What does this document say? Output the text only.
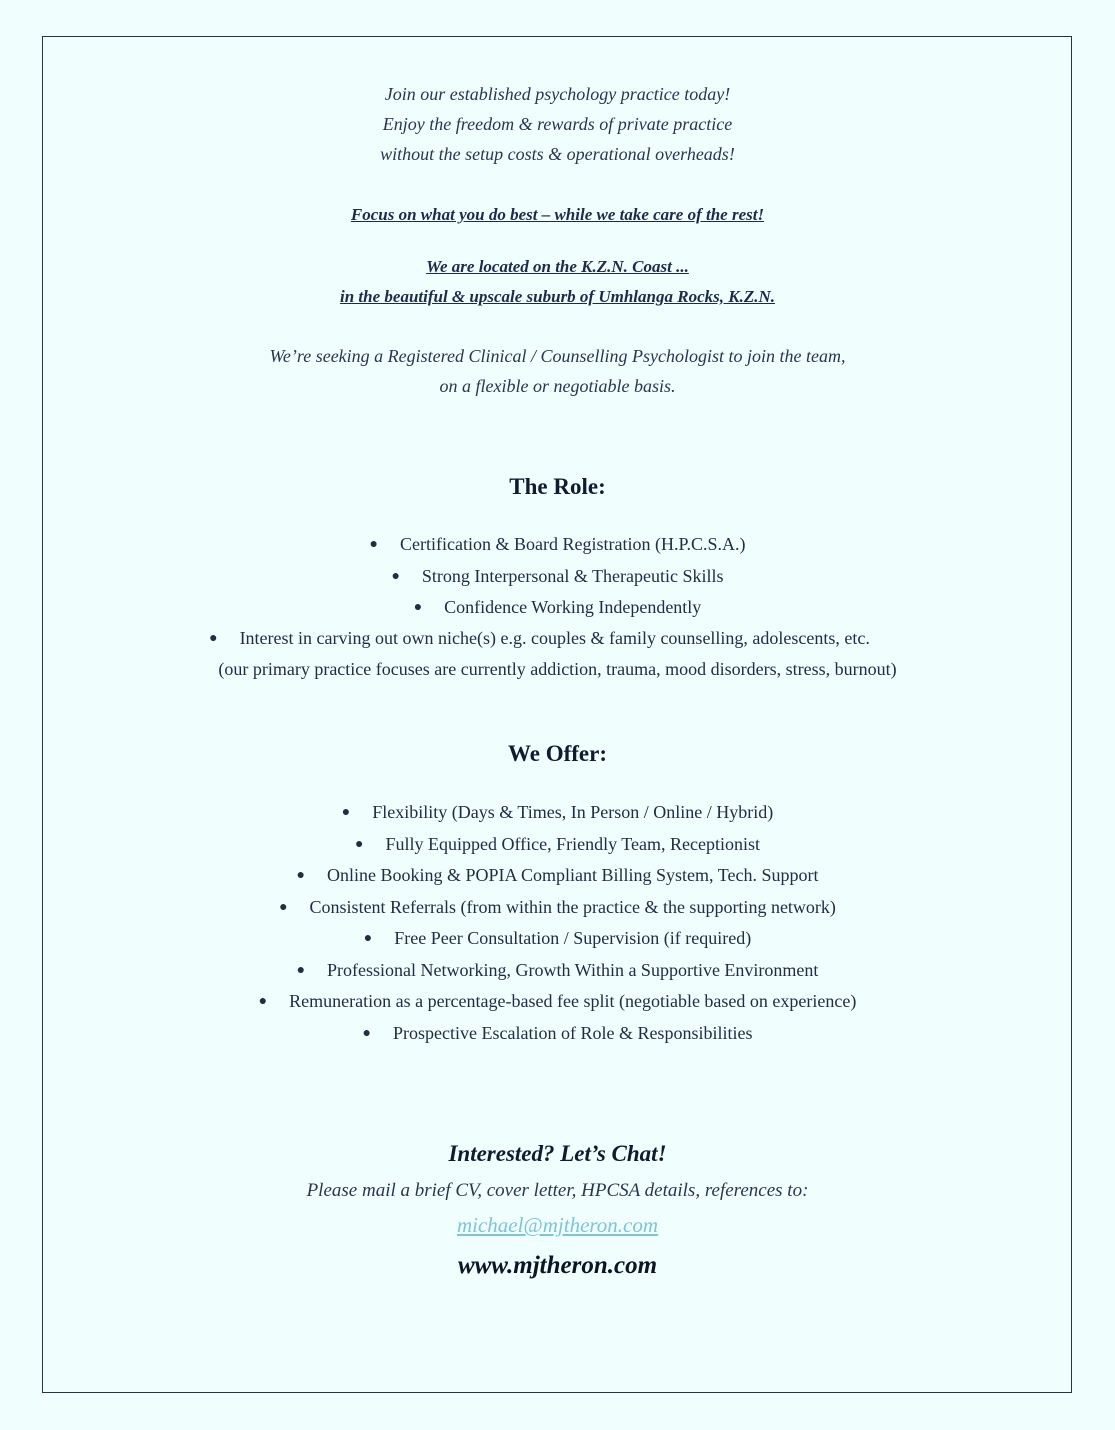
Join our established psychology practice today!
Enjoy the freedom & rewards of private practice
without the setup costs & operational overheads!
Focus on what you do best – while we take care of the rest!
We are located on the K.Z.N. Coast ...
in the beautiful & upscale suburb of Umhlanga Rocks, K.Z.N.
We’re seeking a Registered Clinical / Counselling Psychologist to join the team,
on a flexible or negotiable basis.
The Role:
● Certification & Board Registration (H.P.C.S.A.)
● Strong Interpersonal & Therapeutic Skills
● Confidence Working Independently
● Interest in carving out own niche(s) e.g. couples & family counselling, adolescents, etc.
(our primary practice focuses are currently addiction, trauma, mood disorders, stress, burnout)
We Offer:
● Flexibility (Days & Times, In Person / Online / Hybrid)
● Fully Equipped Office, Friendly Team, Receptionist
● Online Booking & POPIA Compliant Billing System, Tech. Support
● Consistent Referrals (from within the practice & the supporting network)
● Free Peer Consultation / Supervision (if required)
● Professional Networking, Growth Within a Supportive Environment
● Remuneration as a percentage-based fee split (negotiable based on experience)
● Prospective Escalation of Role & Responsibilities
Interested? Let’s Chat!
Please mail a brief CV, cover letter, HPCSA details, references to:
michael@mjtheron.com
www.mjtheron.com
